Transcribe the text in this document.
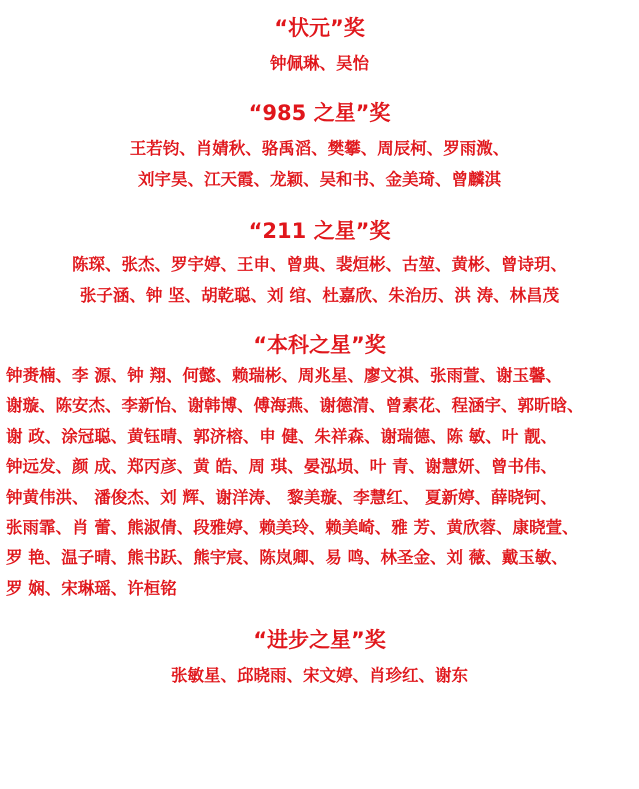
“状元”奖
钟佩琳、吴怡
“985 之星”奖
王若钧、肖婧秋、骆禹滔、樊攀、周辰柯、罗雨溦、
刘宇昊、江天霞、龙颖、吴和书、金美琦、曾麟淇
“211 之星”奖
陈琛、张杰、罗宇婷、王申、曾典、裴烜彬、古堃、黄彬、曾诗玥、
张子涵、钟 坚、胡乾聪、刘 绾、杜嘉欣、朱治历、洪 涛、林昌茂
“本科之星”奖
钟赉楠、李 源、钟 翔、何懿、赖瑞彬、周兆星、廖文祺、张雨萱、谢玉馨、
谢璇、陈安杰、李新怡、谢韩博、傅海燕、谢德清、曾素花、程涵宇、郭昕晗、
谢 政、涂冠聪、黄钰晴、郭济榕、申 健、朱祥森、谢瑞德、陈 敏、叶 靓、
钟远发、颜 成、郑丙彦、黄 皓、周 琪、晏泓埙、叶 青、谢慧妍、曾书伟、
钟黄伟洪、 潘俊杰、刘 辉、谢洋涛、 黎美璇、李慧红、 夏新婷、薛晓钶、
张雨霏、肖 蕾、熊淑倩、段雅婷、赖美玲、赖美崎、雅 芳、黄欣蓉、康晓萱、
罗 艳、温子晴、熊书跃、熊宇宸、陈岚卿、易 鸣、林圣金、刘 薇、戴玉敏、
罗 娴、宋琳瑶、许桓铭
“进步之星”奖
张敏星、邱晓雨、宋文婷、肖珍红、谢东
